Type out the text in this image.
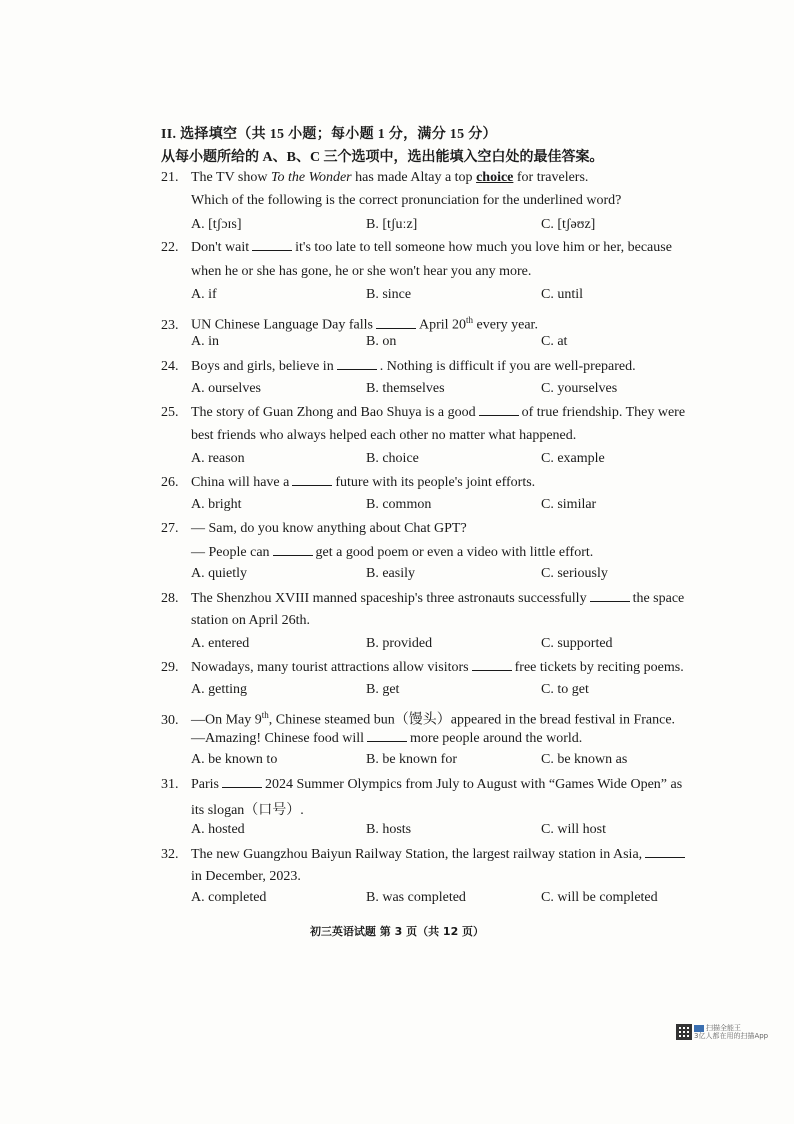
II. 选择填空（共 15 小题；每小题 1 分，满分 15 分）
从每小题所给的 A、B、C 三个选项中，选出能填入空白处的最佳答案。
21. The TV show To the Wonder has made Altay a top choice for travelers.
Which of the following is the correct pronunciation for the underlined word?
A. [tʃɔɪs]	B. [tʃuːz]	C. [tʃəʊz]
22. Don't wait	it's too late to tell someone how much you love him or her, because
when he or she has gone, he or she won't hear you any more.
A. if	B. since	C. until
23. UN Chinese Language Day falls	April 20th every year.
A. in	B. on	C. at
24. Boys and girls, believe in	. Nothing is difficult if you are well-prepared.
A. ourselves	B. themselves	C. yourselves
25. The story of Guan Zhong and Bao Shuya is a good	of true friendship. They were
best friends who always helped each other no matter what happened.
A. reason	B. choice	C. example
26. China will have a	future with its people's joint efforts.
A. bright	B. common	C. similar
27. — Sam, do you know anything about Chat GPT?
— People can	get a good poem or even a video with little effort.
A. quietly	B. easily	C. seriously
28. The Shenzhou XVIII manned spaceship's three astronauts successfully	the space
station on April 26th.
A. entered	B. provided	C. supported
29. Nowadays, many tourist attractions allow visitors	free tickets by reciting poems.
A. getting	B. get	C. to get
30. —On May 9th, Chinese steamed bun（馒头）appeared in the bread festival in France.
—Amazing! Chinese food will	more people around the world.
A. be known to	B. be known for	C. be known as
31. Paris	2024 Summer Olympics from July to August with “Games Wide Open” as
its slogan（口号）.
A. hosted	B. hosts	C. will host
32. The new Guangzhou Baiyun Railway Station, the largest railway station in Asia,
in December, 2023.
A. completed	B. was completed	C. will be completed
初三英语试题 第 3 页（共 12 页）
扫描全能王
3亿人都在用的扫描App
